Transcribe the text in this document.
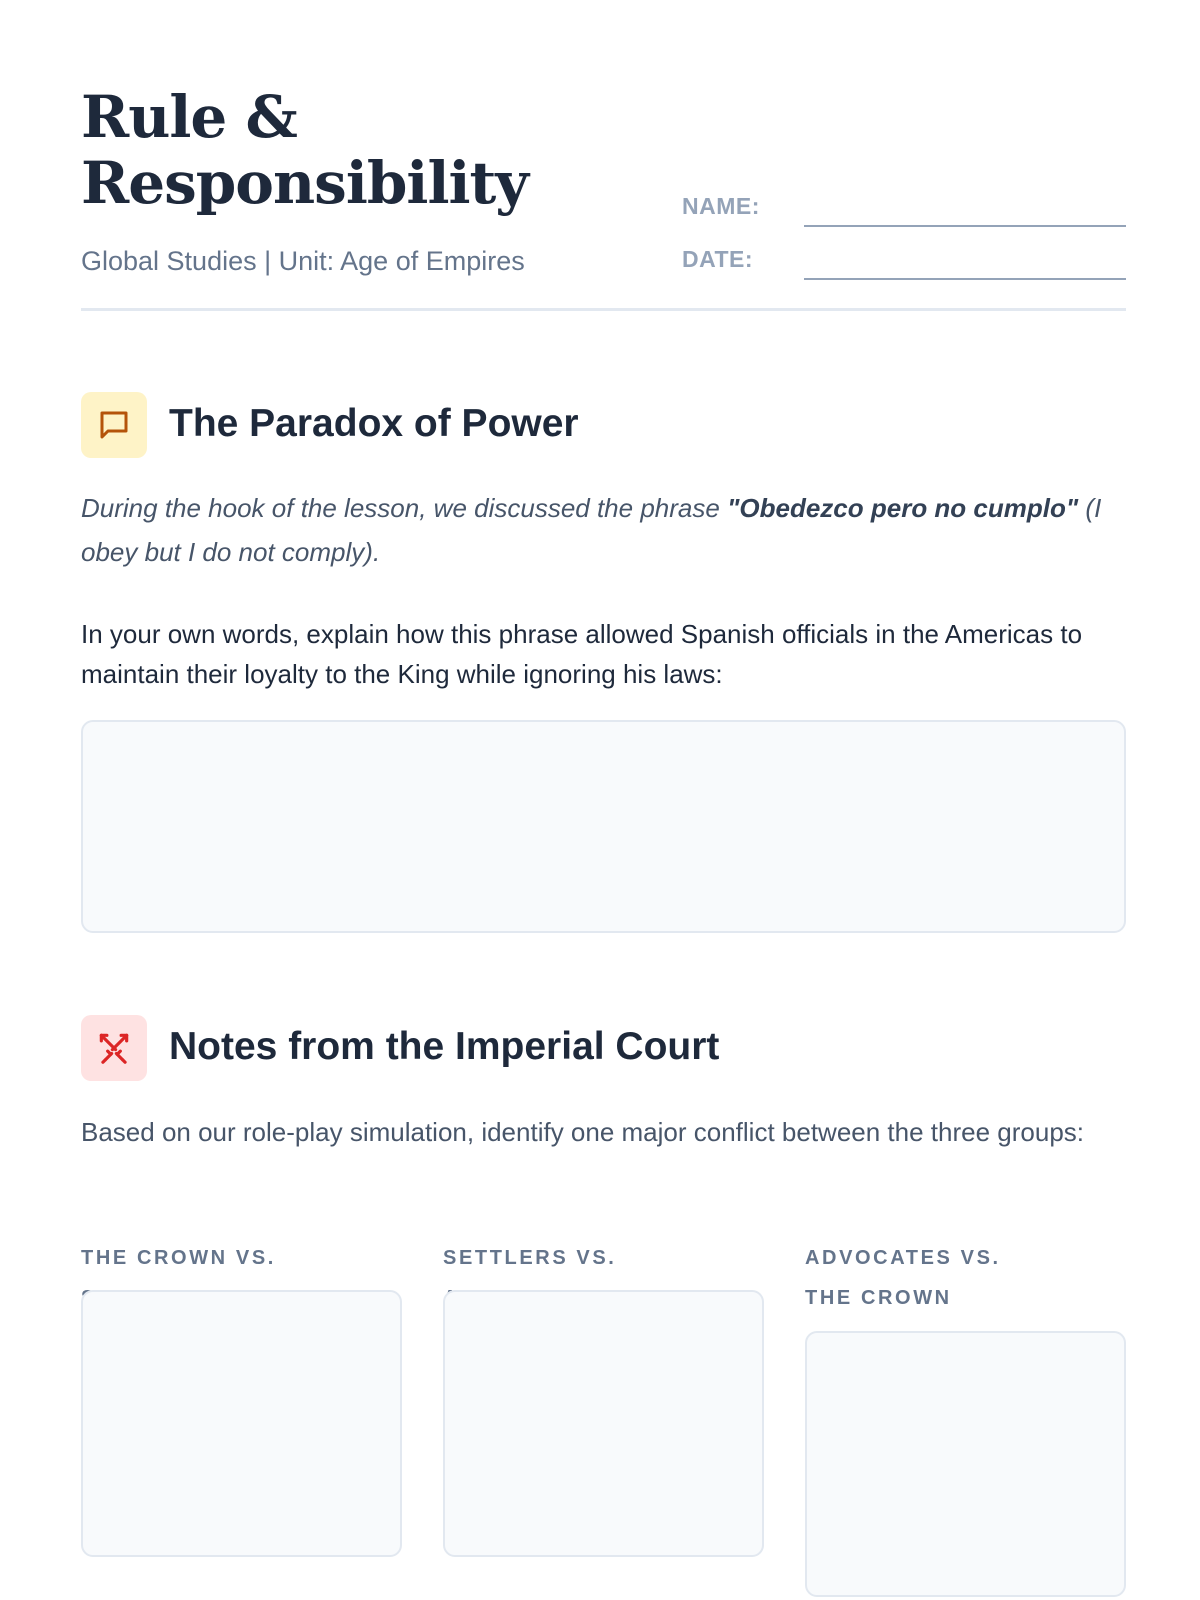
Rule &
Responsibility
Global Studies | Unit: Age of Empires
NAME:
DATE:
The Paradox of Power

During the hook of the lesson, we discussed the phrase "Obedezco pero no cumplo" (I obey but I do not comply).

In your own words, explain how this phrase allowed Spanish officials in the Americas to maintain their loyalty to the King while ignoring his laws:

Notes from the Imperial Court

Based on our role-play simulation, identify one major conflict between the three groups:

THE CROWN VS.	SETTLERS VS.	ADVOCATES VS. THE CROWN
